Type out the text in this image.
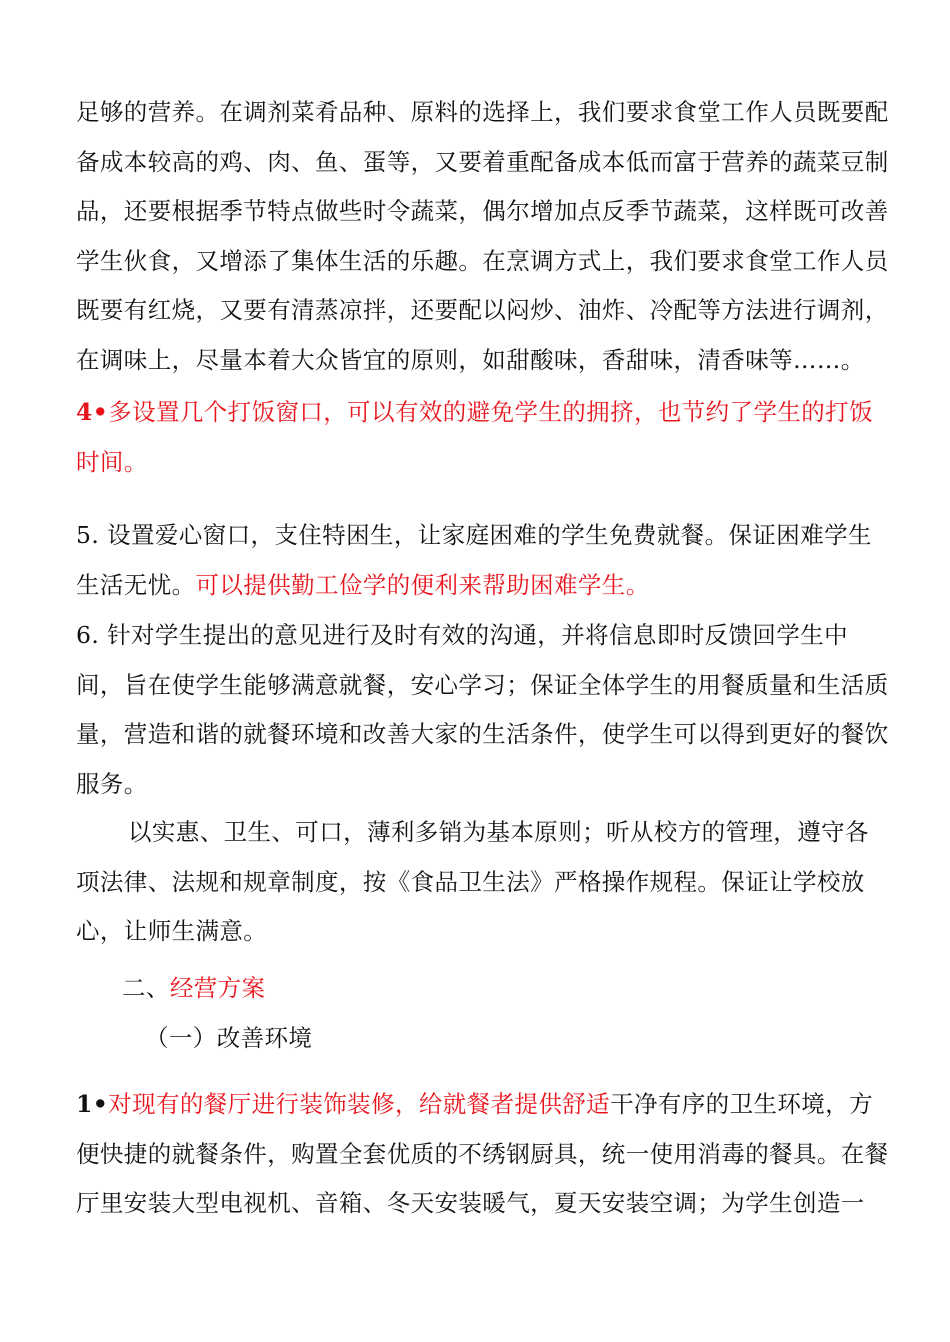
足够的营养。在调剂菜肴品种、原料的选择上，我们要求食堂工作人员既要配备成本较高的鸡、肉、鱼、蛋等，又要着重配备成本低而富于营养的蔬菜豆制品，还要根据季节特点做些时令蔬菜，偶尔增加点反季节蔬菜，这样既可改善学生伙食，又增添了集体生活的乐趣。在烹调方式上，我们要求食堂工作人员既要有红烧，又要有清蒸凉拌，还要配以闷炒、油炸、冷配等方法进行调剂，在调味上，尽量本着大众皆宜的原则，如甜酸味，香甜味，清香味等……。

4•多设置几个打饭窗口，可以有效的避免学生的拥挤，也节约了学生的打饭时间。

5. 设置爱心窗口，支住特困生，让家庭困难的学生免费就餐。保证困难学生生活无忧。可以提供勤工俭学的便利来帮助困难学生。

6. 针对学生提出的意见进行及时有效的沟通，并将信息即时反馈回学生中间，旨在使学生能够满意就餐，安心学习；保证全体学生的用餐质量和生活质量，营造和谐的就餐环境和改善大家的生活条件，使学生可以得到更好的餐饮服务。

以实惠、卫生、可口，薄利多销为基本原则；听从校方的管理，遵守各项法律、法规和规章制度，按《食品卫生法》严格操作规程。保证让学校放心，让师生满意。

二、经营方案

（一）改善环境

1•对现有的餐厅进行装饰装修，给就餐者提供舒适干净有序的卫生环境，方便快捷的就餐条件，购置全套优质的不绣钢厨具，统一使用消毒的餐具。在餐厅里安装大型电视机、音箱、冬天安装暖气，夏天安装空调；为学生创造一
